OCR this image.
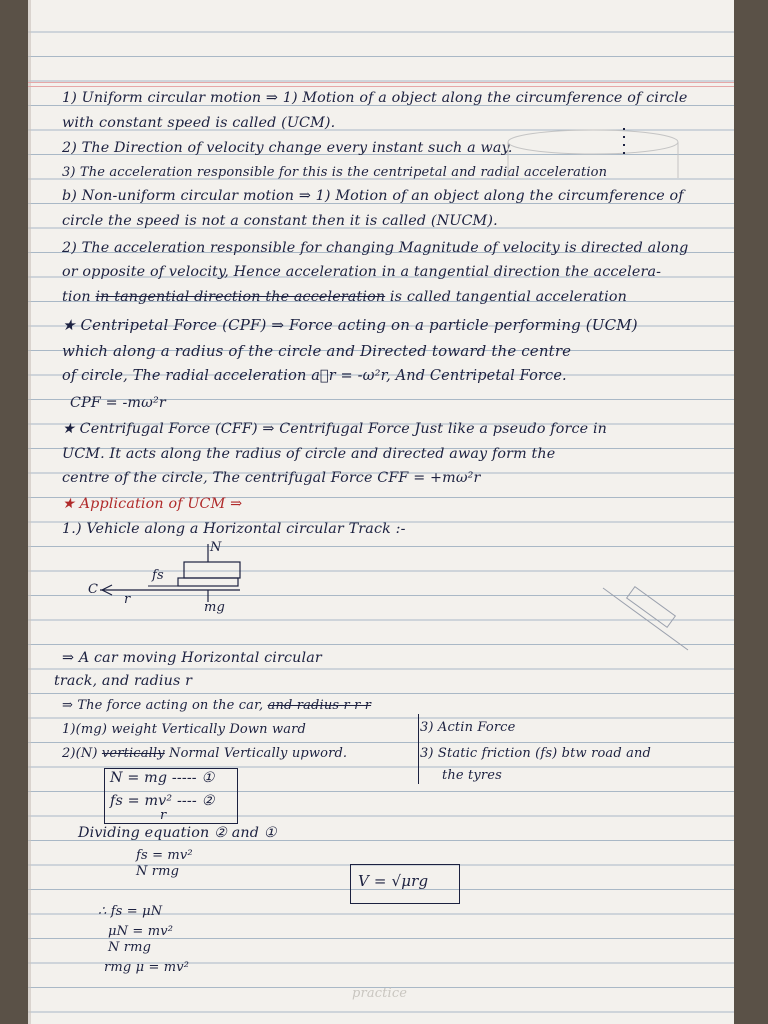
1) Uniform circular motion ⇒ 1) Motion of a object along the circumference of circle
with constant speed is called (UCM).
2) The Direction of velocity change every instant such a way.
3) The acceleration responsible for this is the centripetal and radial acceleration
b) Non-uniform circular motion ⇒ 1) Motion of an object along the circumference of
circle the speed is not a constant then it is called (NUCM).
2) The acceleration responsible for changing Magnitude of velocity is directed along
or opposite of velocity, Hence acceleration in a tangential direction the accelera-
tion in tangential direction the acceleration is called tangential acceleration
★ Centripetal Force (CPF) ⇒ Force acting on a particle performing (UCM)
which along a radius of the circle and Directed toward the centre
of circle, The radial acceleration a⃗r = -ω²r, And Centripetal Force.
CPF = -mω²r
★ Centrifugal Force (CFF) ⇒ Centrifugal Force Just like a pseudo force in
UCM. It acts along the radius of circle and directed away form the
centre of the circle, The centrifugal Force CFF = +mω²r
★ Application of UCM ⇒
1.) Vehicle along a Horizontal circular Track :-
N
fs
C
r
mg
⇒ A car moving Horizontal circular
track, and radius r
⇒ The force acting on the car, and radius r r r
1)(mg) weight Vertically Down ward	3) Actin Force
2)(N) vertically Normal Vertically upword.	3) Static friction (fs) btw road and
the tyres
N = mg ----- ①
fs = mv² ---- ②
r
Dividing equation ② and ①
fs = mv²
N rmg
V = √μrg
∴ fs = μN
μN = mv²
N rmg
rmg μ = mv²
practice
